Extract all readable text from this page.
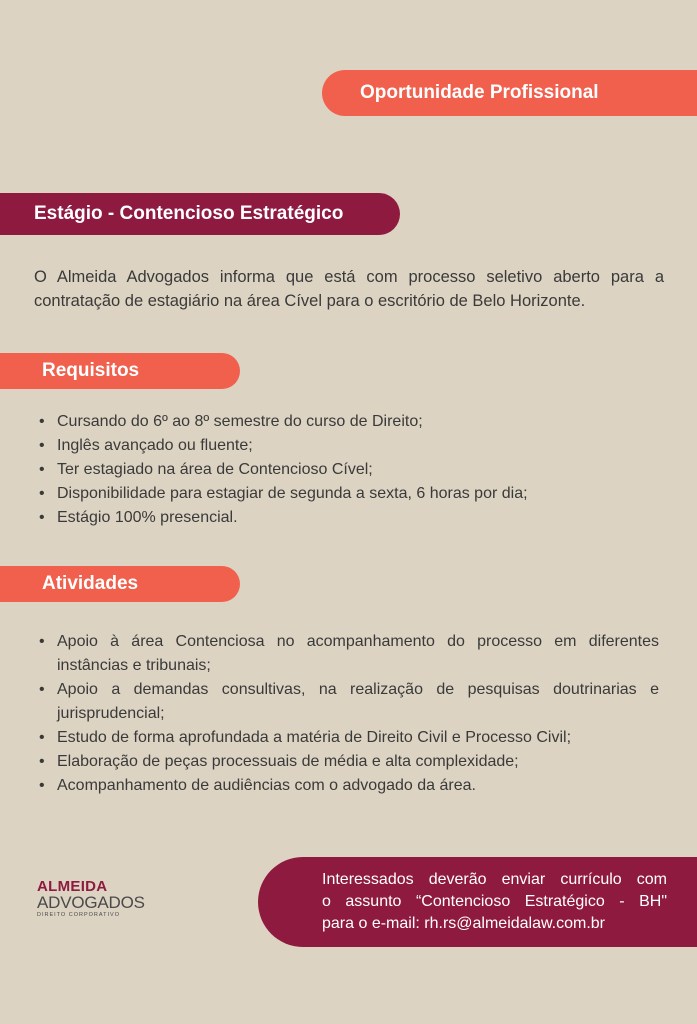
Oportunidade Profissional
Estágio - Contencioso Estratégico

O Almeida Advogados informa que está com processo seletivo aberto para a contratação de estagiário na área Cível para o escritório de Belo Horizonte.

Requisitos
• Cursando do 6º ao 8º semestre do curso de Direito;
• Inglês avançado ou fluente;
• Ter estagiado na área de Contencioso Cível;
• Disponibilidade para estagiar de segunda a sexta, 6 horas por dia;
• Estágio 100% presencial.
Atividades
• Apoio à área Contenciosa no acompanhamento do processo em diferentes instâncias e tribunais;
• Apoio a demandas consultivas, na realização de pesquisas doutrinarias e jurisprudencial;
• Estudo de forma aprofundada a matéria de Direito Civil e Processo Civil;
• Elaboração de peças processuais de média e alta complexidade;
• Acompanhamento de audiências com o advogado da área.
ALMEIDA
ADVOGADOS
DIREITO CORPORATIVO
Interessados deverão enviar currículo com
o assunto “Contencioso Estratégico - BH"
para o e-mail: rh.rs@almeidalaw.com.br
